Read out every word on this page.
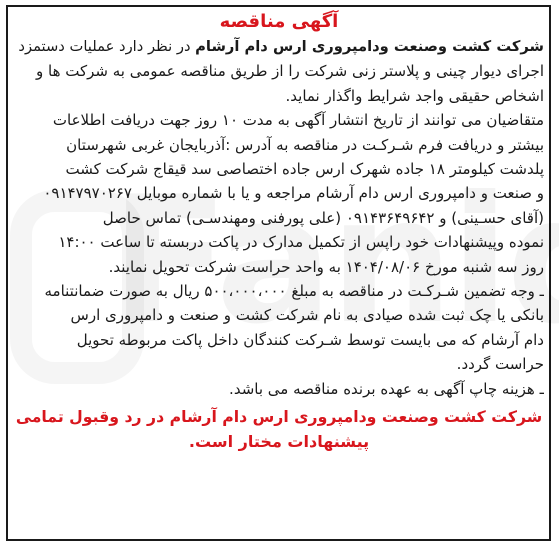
آگهی مناقصه
شرکت کشت وصنعت ودامپروری ارس دام آرشام در نظر دارد عملیات دستمزد
اجرای دیوار چینی و پلاستر زنی شرکت را از طریق مناقصه عمومی به شرکت ها و
اشخاص حقیقی واجد شرایط واگذار نماید.
متقاضیان می توانند از تاریخ انتشار آگهی به مدت ۱۰ روز جهت دریافت اطلاعات
بیشتر و دریافت فرم شـرکـت در مناقصه به آدرس :آذربایجان غربی شهرستان
پلدشت کیلومتر ۱۸ جاده شهرک ارس جاده اختصاصی سد قیقاج شرکت کشت
و صنعت و دامپروری ارس دام آرشام مراجعه و یا با شماره موبایل ۰۹۱۴۷۹۷۰۲۶۷
(آقای حسـینی) و ۰۹۱۴۳۶۴۹۶۴۲ (علی پورفنی ومهندسـی) تماس حاصل
نموده وپیشنهادات خود راپس از تکمیل مدارک در پاکت دربسته تا ساعت ۱۴:۰۰
روز سه شنبه مورخ ۱۴۰۴/۰۸/۰۶ به واحد حراست شرکت تحویل نمایند.
ـ وجه تضمین شـرکـت در مناقصه به مبلغ ۵۰۰،۰۰۰،۰۰۰ ریال به صورت ضمانتنامه
بانکی یا چک ثبت شده صیادی به نام شرکت کشت و صنعت و دامپروری ارس
دام آرشام که می بایست توسط شـرکت کنندگان داخل پاکت مربوطه تحویل
حراست گردد.
ـ هزینه چاپ آگهی به عهده برنده مناقصه می باشد.
شرکت کشت وصنعت ودامپروری ارس دام آرشام در رد وقبول تمامی
پیشنهادات مختار است.
